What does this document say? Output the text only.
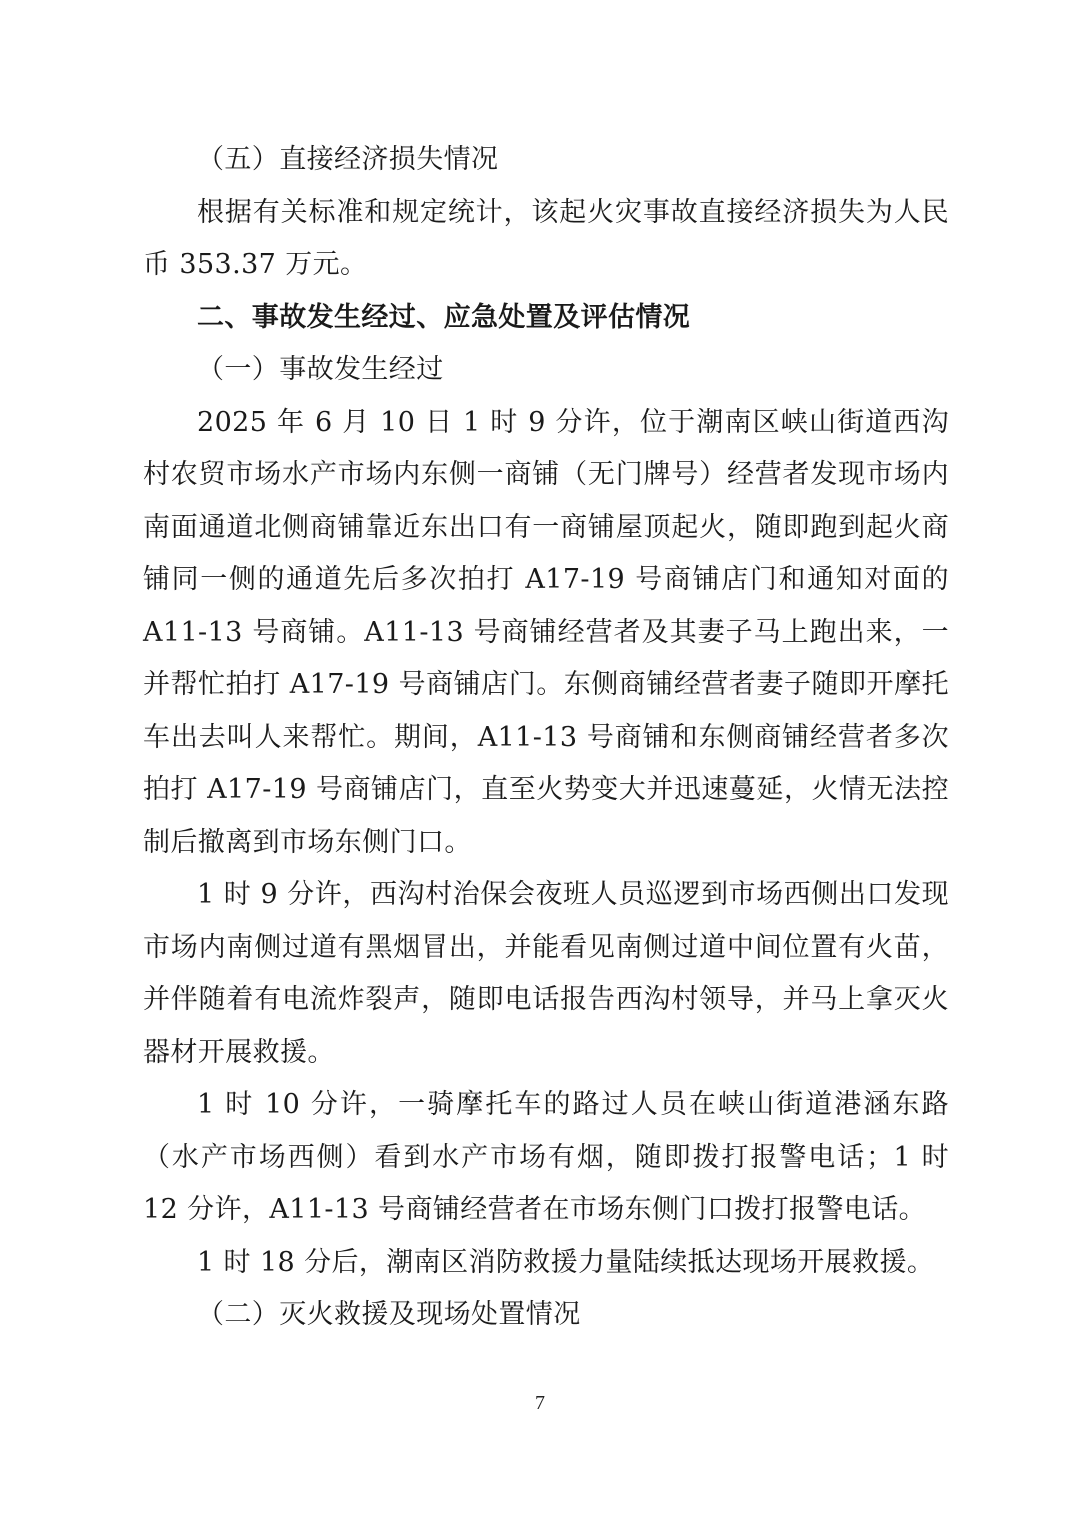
（五）直接经济损失情况

根据有关标准和规定统计，该起火灾事故直接经济损失为人民币 353.37 万元。

二、事故发生经过、应急处置及评估情况

（一）事故发生经过

2025 年 6 月 10 日 1 时 9 分许，位于潮南区峡山街道西沟村农贸市场水产市场内东侧一商铺（无门牌号）经营者发现市场内南面通道北侧商铺靠近东出口有一商铺屋顶起火，随即跑到起火商铺同一侧的通道先后多次拍打 A17-19 号商铺店门和通知对面的 A11-13 号商铺。A11-13 号商铺经营者及其妻子马上跑出来，一并帮忙拍打 A17-19 号商铺店门。东侧商铺经营者妻子随即开摩托车出去叫人来帮忙。期间，A11-13 号商铺和东侧商铺经营者多次拍打 A17-19 号商铺店门，直至火势变大并迅速蔓延，火情无法控制后撤离到市场东侧门口。

1 时 9 分许，西沟村治保会夜班人员巡逻到市场西侧出口发现市场内南侧过道有黑烟冒出，并能看见南侧过道中间位置有火苗，并伴随着有电流炸裂声，随即电话报告西沟村领导，并马上拿灭火器材开展救援。

1 时 10 分许，一骑摩托车的路过人员在峡山街道港涵东路（水产市场西侧）看到水产市场有烟，随即拨打报警电话；1 时 12 分许，A11-13 号商铺经营者在市场东侧门口拨打报警电话。

1 时 18 分后，潮南区消防救援力量陆续抵达现场开展救援。

（二）灭火救援及现场处置情况

7
